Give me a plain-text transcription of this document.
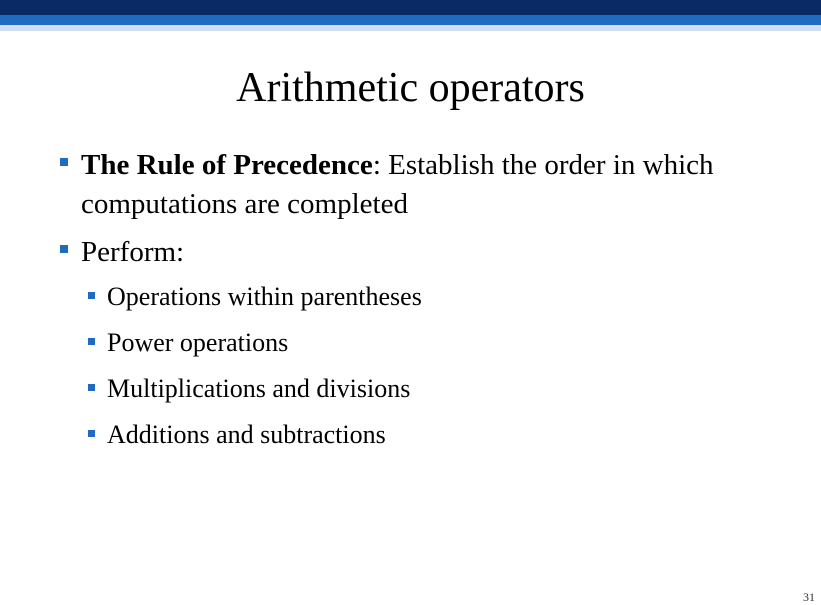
Arithmetic operators
The Rule of Precedence: Establish the order in which computations are completed
Perform:
Operations within parentheses
Power operations
Multiplications and divisions
Additions and subtractions
31
